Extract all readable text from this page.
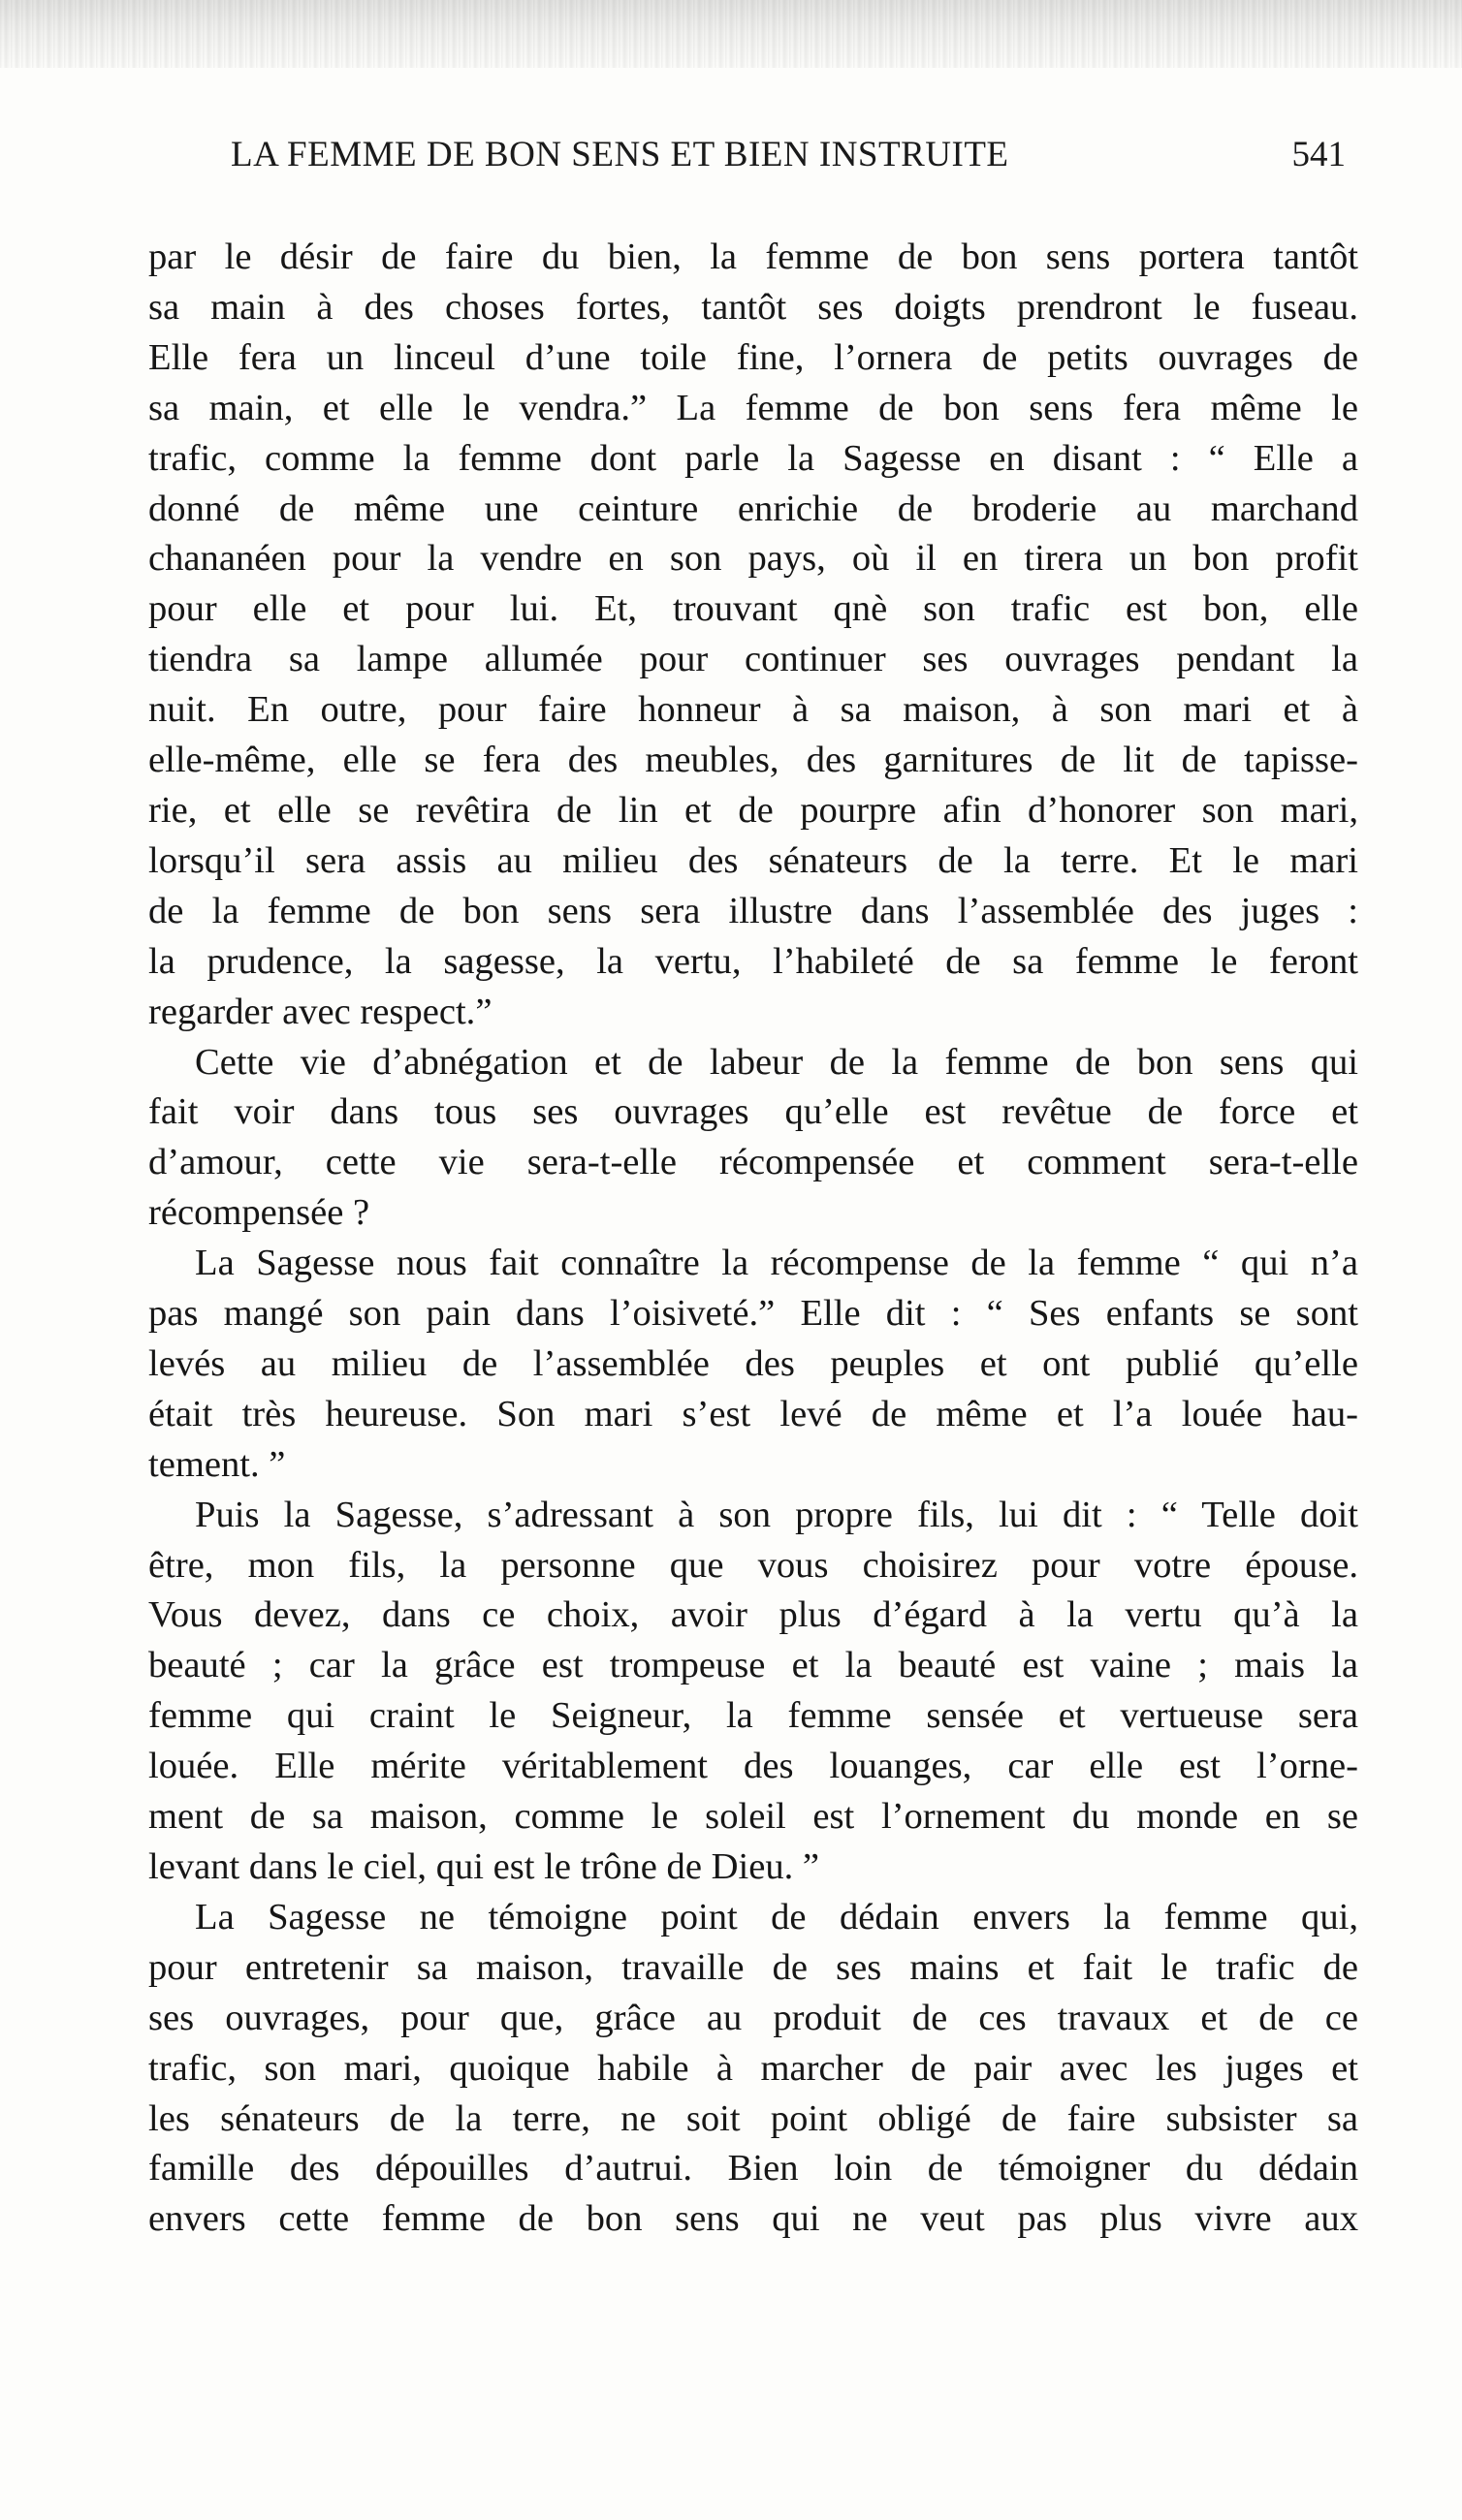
LA FEMME DE BON SENS ET BIEN INSTRUITE	541
par le désir de faire du bien, la femme de bon sens portera tantôt
sa main à des choses fortes, tantôt ses doigts prendront le fuseau.
Elle fera un linceul d’une toile fine, l’ornera de petits ouvrages de
sa main, et elle le vendra.” La femme de bon sens fera même le
trafic, comme la femme dont parle la Sagesse en disant : “ Elle a
donné de même une ceinture enrichie de broderie au marchand
chananéen pour la vendre en son pays, où il en tirera un bon profit
pour elle et pour lui. Et, trouvant qnè son trafic est bon, elle
tiendra sa lampe allumée pour continuer ses ouvrages pendant la
nuit. En outre, pour faire honneur à sa maison, à son mari et à
elle-même, elle se fera des meubles, des garnitures de lit de tapisse-
rie, et elle se revêtira de lin et de pourpre afin d’honorer son mari,
lorsqu’il sera assis au milieu des sénateurs de la terre. Et le mari
de la femme de bon sens sera illustre dans l’assemblée des juges :
la prudence, la sagesse, la vertu, l’habileté de sa femme le feront
regarder avec respect.”
Cette vie d’abnégation et de labeur de la femme de bon sens qui
fait voir dans tous ses ouvrages qu’elle est revêtue de force et
d’amour, cette vie sera-t-elle récompensée et comment sera-t-elle
récompensée ?
La Sagesse nous fait connaître la récompense de la femme “ qui n’a
pas mangé son pain dans l’oisiveté.” Elle dit : “ Ses enfants se sont
levés au milieu de l’assemblée des peuples et ont publié qu’elle
était très heureuse. Son mari s’est levé de même et l’a louée hau-
tement. ”
Puis la Sagesse, s’adressant à son propre fils, lui dit : “ Telle doit
être, mon fils, la personne que vous choisirez pour votre épouse.
Vous devez, dans ce choix, avoir plus d’égard à la vertu qu’à la
beauté ; car la grâce est trompeuse et la beauté est vaine ; mais la
femme qui craint le Seigneur, la femme sensée et vertueuse sera
louée. Elle mérite véritablement des louanges, car elle est l’orne-
ment de sa maison, comme le soleil est l’ornement du monde en se
levant dans le ciel, qui est le trône de Dieu. ”
La Sagesse ne témoigne point de dédain envers la femme qui,
pour entretenir sa maison, travaille de ses mains et fait le trafic de
ses ouvrages, pour que, grâce au produit de ces travaux et de ce
trafic, son mari, quoique habile à marcher de pair avec les juges et
les sénateurs de la terre, ne soit point obligé de faire subsister sa
famille des dépouilles d’autrui. Bien loin de témoigner du dédain
envers cette femme de bon sens qui ne veut pas plus vivre aux
